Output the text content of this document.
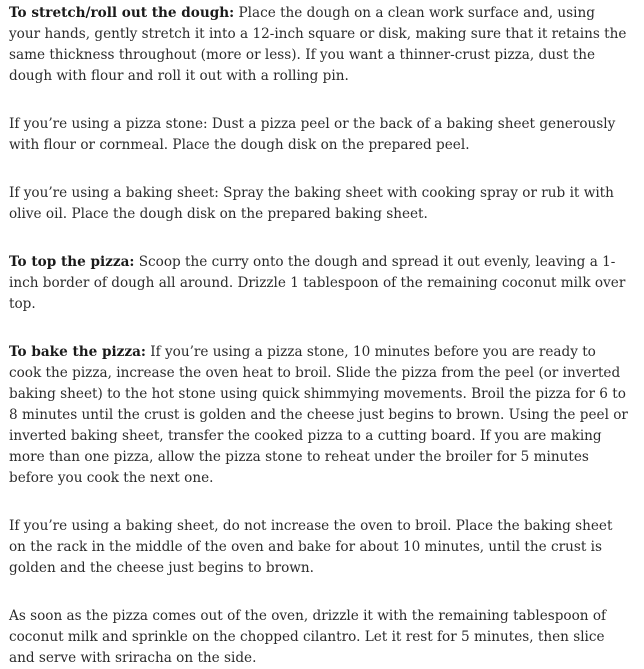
To stretch/roll out the dough: Place the dough on a clean work surface and, using your hands, gently stretch it into a 12-inch square or disk, making sure that it retains the same thickness throughout (more or less). If you want a thinner-crust pizza, dust the dough with flour and roll it out with a rolling pin.

If you’re using a pizza stone: Dust a pizza peel or the back of a baking sheet generously with flour or cornmeal. Place the dough disk on the prepared peel.

If you’re using a baking sheet: Spray the baking sheet with cooking spray or rub it with olive oil. Place the dough disk on the prepared baking sheet.

To top the pizza: Scoop the curry onto the dough and spread it out evenly, leaving a 1-inch border of dough all around. Drizzle 1 tablespoon of the remaining coconut milk over top.

To bake the pizza: If you’re using a pizza stone, 10 minutes before you are ready to cook the pizza, increase the oven heat to broil. Slide the pizza from the peel (or inverted baking sheet) to the hot stone using quick shimmying movements. Broil the pizza for 6 to 8 minutes until the crust is golden and the cheese just begins to brown. Using the peel or inverted baking sheet, transfer the cooked pizza to a cutting board. If you are making more than one pizza, allow the pizza stone to reheat under the broiler for 5 minutes before you cook the next one.

If you’re using a baking sheet, do not increase the oven to broil. Place the baking sheet on the rack in the middle of the oven and bake for about 10 minutes, until the crust is golden and the cheese just begins to brown.

As soon as the pizza comes out of the oven, drizzle it with the remaining tablespoon of coconut milk and sprinkle on the chopped cilantro. Let it rest for 5 minutes, then slice and serve with sriracha on the side.
